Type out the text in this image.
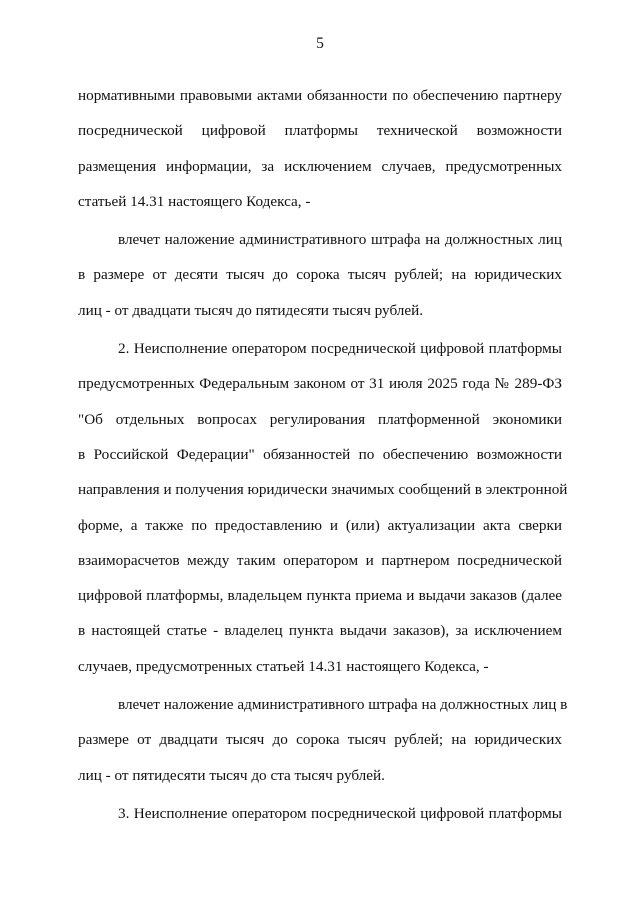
5
нормативными правовыми актами обязанности по обеспечению партнеру
посреднической цифровой платформы технической возможности
размещения информации, за исключением случаев, предусмотренных
статьей 14.31 настоящего Кодекса, -
влечет наложение административного штрафа на должностных лиц
в размере от десяти тысяч до сорока тысяч рублей; на юридических
лиц - от двадцати тысяч до пятидесяти тысяч рублей.
2. Неисполнение оператором посреднической цифровой платформы
предусмотренных Федеральным законом от 31 июля 2025 года № 289-ФЗ
"Об отдельных вопросах регулирования платформенной экономики
в Российской Федерации" обязанностей по обеспечению возможности
направления и получения юридически значимых сообщений в электронной
форме, а также по предоставлению и (или) актуализации акта сверки
взаиморасчетов между таким оператором и партнером посреднической
цифровой платформы, владельцем пункта приема и выдачи заказов (далее
в настоящей статье - владелец пункта выдачи заказов), за исключением
случаев, предусмотренных статьей 14.31 настоящего Кодекса, -
влечет наложение административного штрафа на должностных лиц в
размере от двадцати тысяч до сорока тысяч рублей; на юридических
лиц - от пятидесяти тысяч до ста тысяч рублей.
3. Неисполнение оператором посреднической цифровой платформы
